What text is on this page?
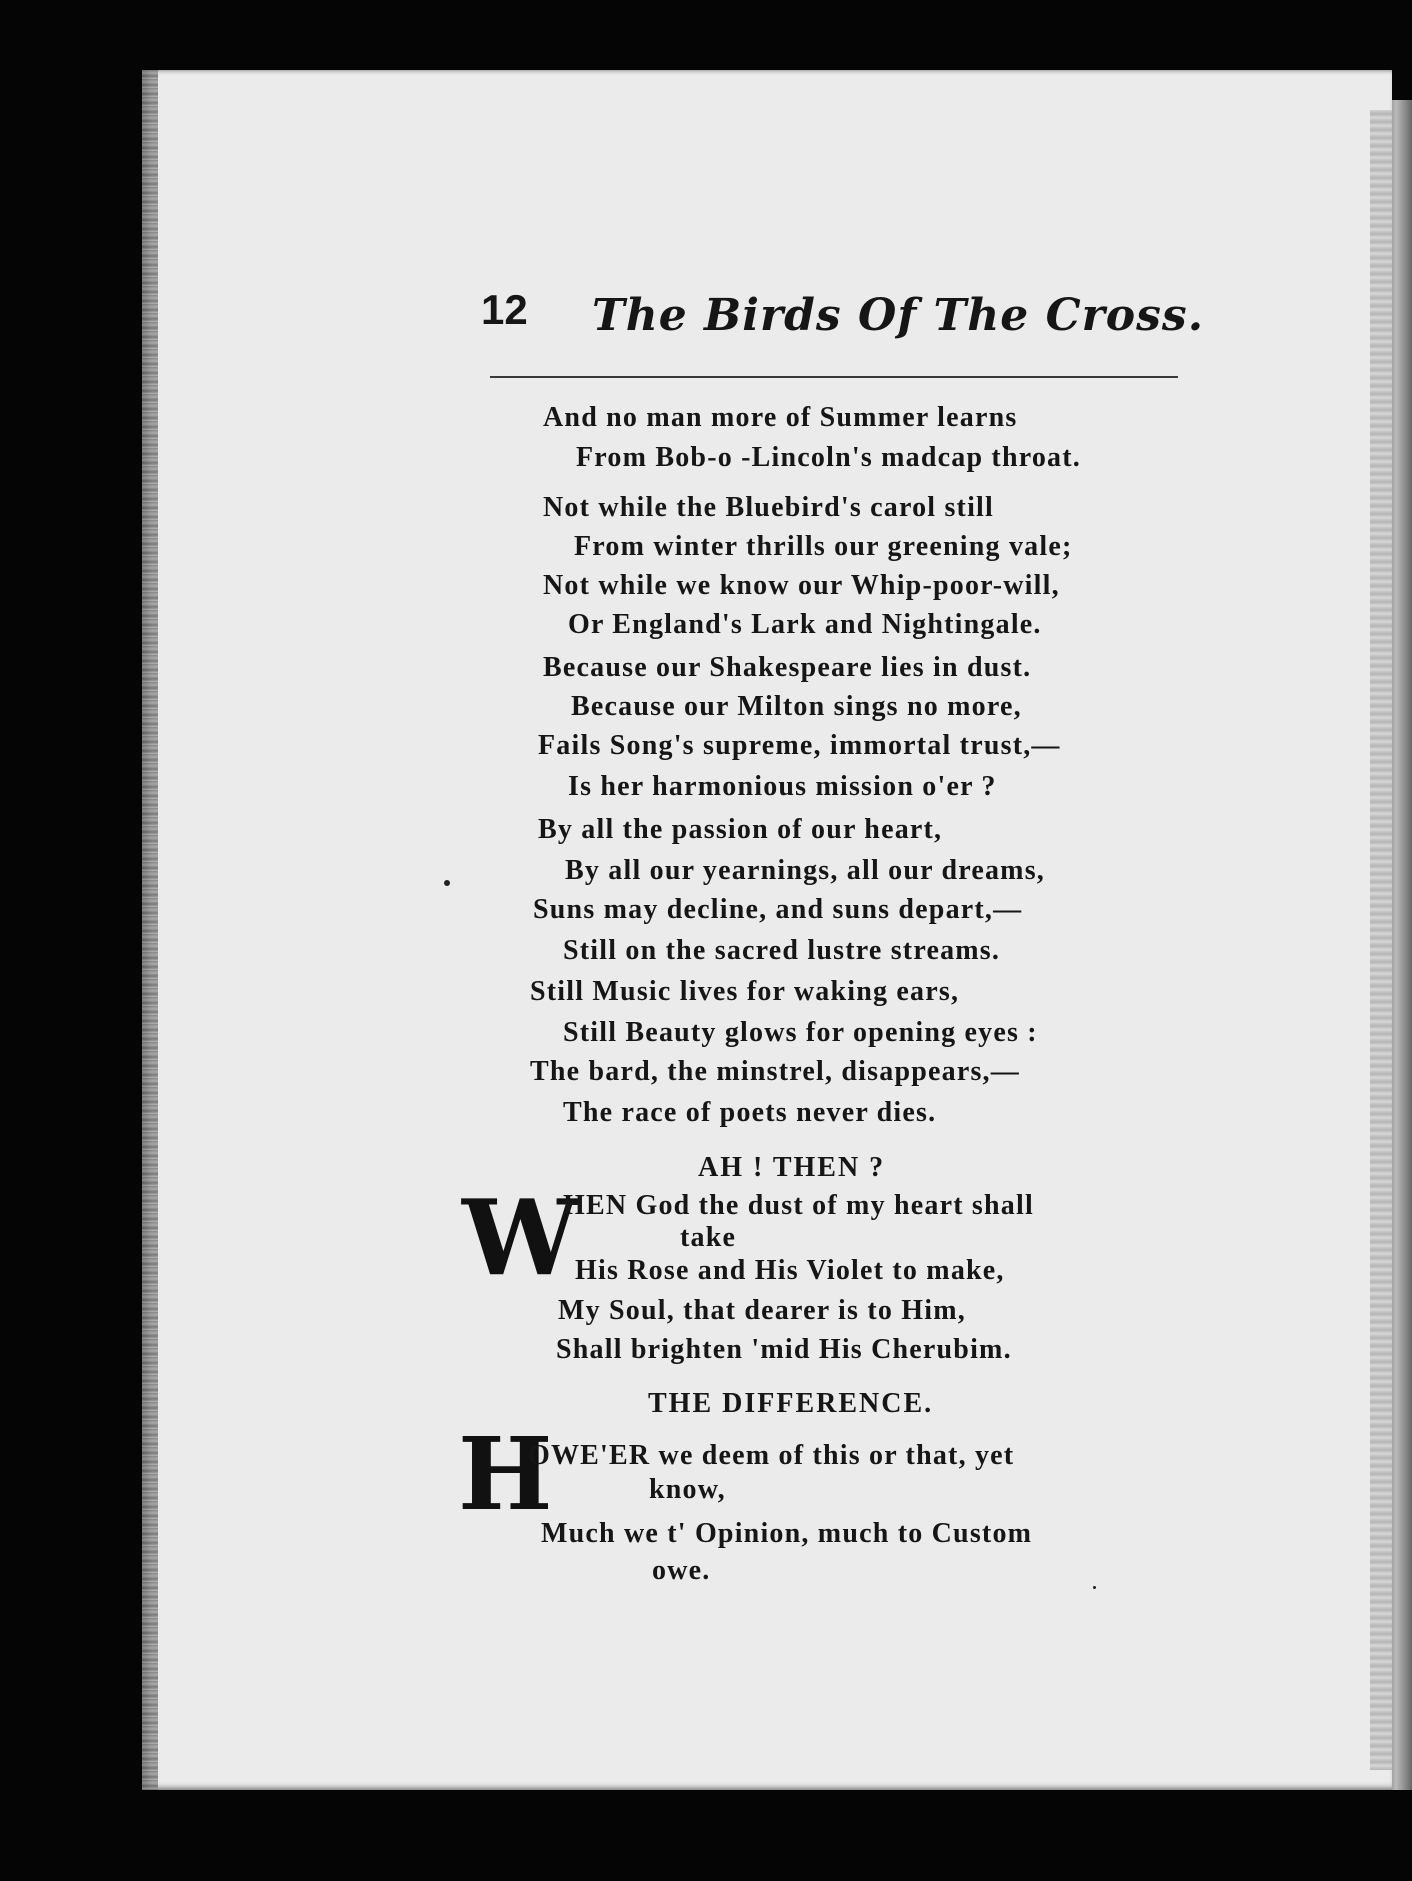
12 The Birds Of The Cross.
And no man more of Summer learns
From Bob-o -Lincoln's madcap throat.
Not while the Bluebird's carol still
From winter thrills our greening vale;
Not while we know our Whip-poor-will,
Or England's Lark and Nightingale.
Because our Shakespeare lies in dust.
Because our Milton sings no more,
Fails Song's supreme, immortal trust,—
Is her harmonious mission o'er ?
By all the passion of our heart,
By all our yearnings, all our dreams,
Suns may decline, and suns depart,—
Still on the sacred lustre streams.
Still Music lives for waking ears,
Still Beauty glows for opening eyes :
The bard, the minstrel, disappears,—
The race of poets never dies.
AH ! THEN ?
W
HEN God the dust of my heart shall
take
His Rose and His Violet to make,
My Soul, that dearer is to Him,
Shall brighten 'mid His Cherubim.
THE DIFFERENCE.
H
OWE'ER we deem of this or that, yet
know,
Much we t' Opinion, much to Custom
owe.
